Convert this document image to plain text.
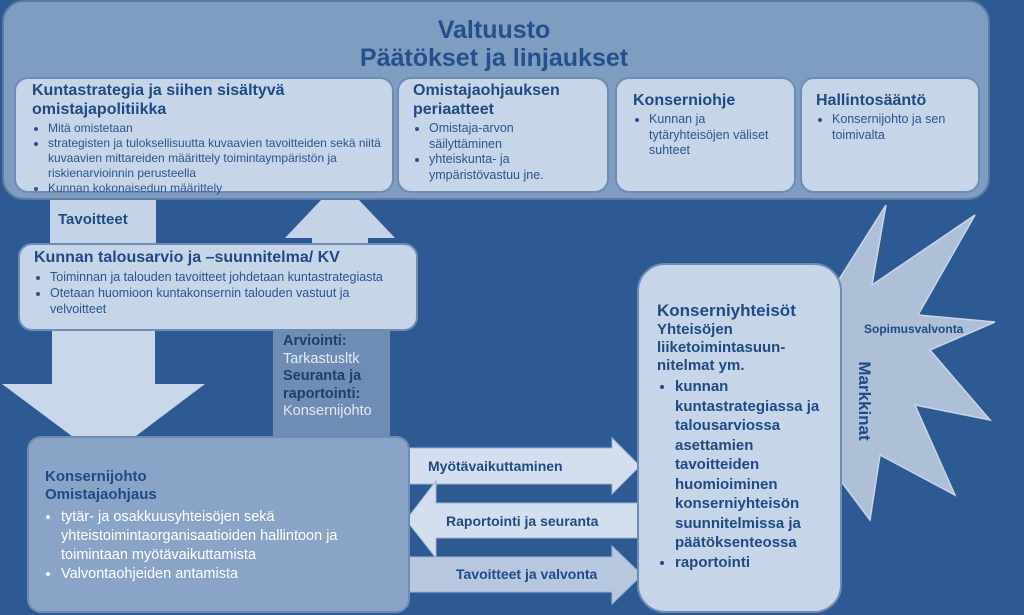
Valtuusto
Päätökset ja linjaukset
Kuntastrategia ja siihen sisältyvä
omistajapolitiikka
• Mitä omistetaan
• strategisten ja tuloksellisuutta kuvaavien tavoitteiden sekä niitä kuvaavien mittareiden määrittely toimintaympäristön ja riskienarvioinnin perusteella
• Kunnan kokonaisedun määrittely
Omistajaohjauksen
periaatteet
• Omistaja-arvon säilyttäminen
• yhteiskunta- ja ympäristövastuu jne.
Konserniohje
• Kunnan ja tytäryhteisöjen väliset suhteet
Hallintosääntö
• Konsernijohto ja sen toimivalta
Tavoitteet
Kunnan talousarvio ja –suunnitelma/ KV
• Toiminnan ja talouden tavoitteet johdetaan kuntastrategiasta
• Otetaan huomioon kuntakonsernin talouden vastuut ja velvoitteet
Arviointi:
Tarkastusltk
Seuranta ja
raportointi:
Konsernijohto
Konsernijohto
Omistajaohjaus
• tytär- ja osakkuusyhteisöjen sekä yhteistoimintaorganisaatioiden hallintoon ja toimintaan myötävaikuttamista
• Valvontaohjeiden antamista
Myötävaikuttaminen
Raportointi ja seuranta
Tavoitteet ja valvonta
Konserniyhteisöt
Yhteisöjen
liiketoimintasuun-
nitelmat ym.
• kunnan kuntastrategiassa ja talousarviossa asettamien tavoitteiden huomioiminen konserniyhteisön suunnitelmissa ja päätöksenteossa
• raportointi
Markkinat
Sopimusvalvonta
